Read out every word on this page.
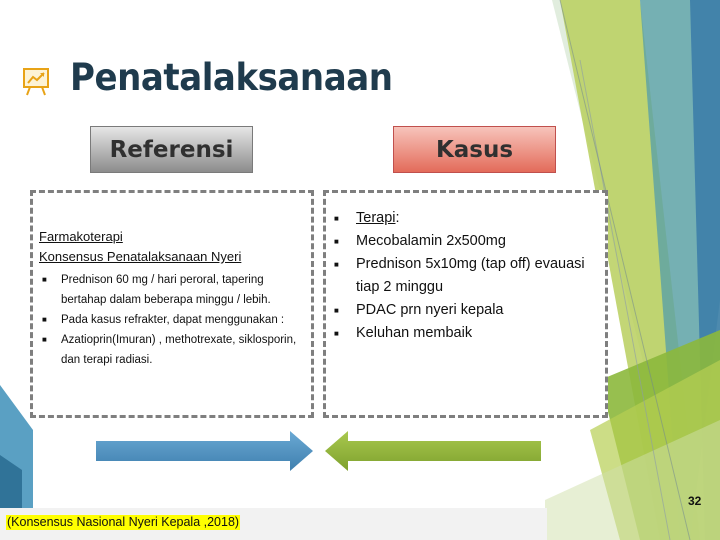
Penatalaksanaan
Referensi	Kasus
Farmakoterapi
Konsensus Penatalaksanaan Nyeri
■ Prednison 60 mg / hari peroral, tapering bertahap dalam beberapa minggu / lebih.
■ Pada kasus refrakter, dapat menggunakan :
■ Azatioprin(Imuran) , methotrexate, siklosporin, dan terapi radiasi.
■ Terapi:
■ Mecobalamin 2x500mg
■ Prednison 5x10mg (tap off) evauasi tiap 2 minggu
■ PDAC prn nyeri kepala
■ Keluhan membaik
(Konsensus Nasional Nyeri Kepala ,2018)
32
